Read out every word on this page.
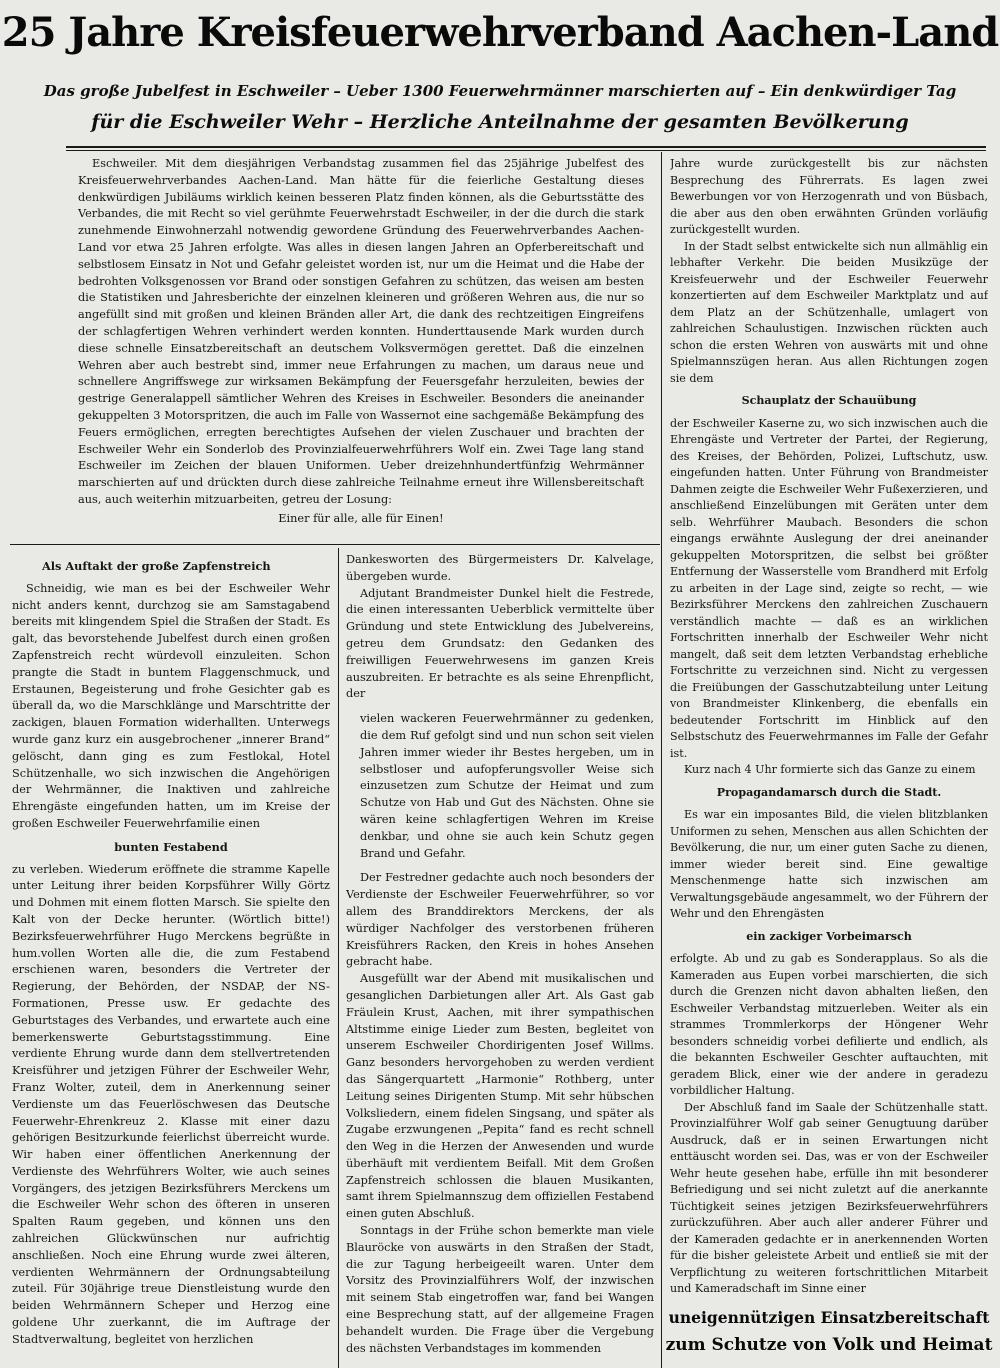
25 Jahre Kreisfeuerwehrverband Aachen-Land
Das große Jubelfest in Eschweiler – Ueber 1300 Feuerwehrmänner marschierten auf – Ein denkwürdiger Tag
für die Eschweiler Wehr – Herzliche Anteilnahme der gesamten Bevölkerung

Eschweiler. Mit dem diesjährigen Verbandstag zusammen fiel das 25jährige Jubelfest des Kreisfeuerwehrverbandes Aachen-Land. Man hätte für die feierliche Gestaltung dieses denkwürdigen Jubiläums wirklich keinen besseren Platz finden können, als die Geburtsstätte des Verbandes, die mit Recht so viel gerühmte Feuerwehrstadt Eschweiler, in der die durch die stark zunehmende Einwohnerzahl notwendig gewordene Gründung des Feuerwehrverbandes Aachen-Land vor etwa 25 Jahren erfolgte. Was alles in diesen langen Jahren an Opferbereitschaft und selbstlosem Einsatz in Not und Gefahr geleistet worden ist, nur um die Heimat und die Habe der bedrohten Volksgenossen vor Brand oder sonstigen Gefahren zu schützen, das weisen am besten die Statistiken und Jahresberichte der einzelnen kleineren und größeren Wehren aus, die nur so angefüllt sind mit großen und kleinen Bränden aller Art, die dank des rechtzeitigen Eingreifens der schlagfertigen Wehren verhindert werden konnten. Hunderttausende Mark wurden durch diese schnelle Einsatzbereitschaft an deutschem Volksvermögen gerettet. Daß die einzelnen Wehren aber auch bestrebt sind, immer neue Erfahrungen zu machen, um daraus neue und schnellere Angriffswege zur wirksamen Bekämpfung der Feuersgefahr herzuleiten, bewies der gestrige Generalappell sämtlicher Wehren des Kreises in Eschweiler. Besonders die aneinander gekuppelten 3 Motorspritzen, die auch im Falle von Wassernot eine sachgemäße Bekämpfung des Feuers ermöglichen, erregten berechtigtes Aufsehen der vielen Zuschauer und brachten der Eschweiler Wehr ein Sonderlob des Provinzialfeuerwehrführers Wolf ein. Zwei Tage lang stand Eschweiler im Zeichen der blauen Uniformen. Ueber dreizehnhundertfünfzig Wehrmänner marschierten auf und drückten durch diese zahlreiche Teilnahme erneut ihre Willensbereitschaft aus, auch weiterhin mitzuarbeiten, getreu der Losung:

Einer für alle, alle für Einen!

Als Auftakt der große Zapfenstreich

Schneidig, wie man es bei der Eschweiler Wehr nicht anders kennt, durchzog sie am Samstagabend bereits mit klingendem Spiel die Straßen der Stadt. Es galt, das bevorstehende Jubelfest durch einen großen Zapfenstreich recht würdevoll einzuleiten. Schon prangte die Stadt in buntem Flaggenschmuck, und Erstaunen, Begeisterung und frohe Gesichter gab es überall da, wo die Marschklänge und Marschtritte der zackigen, blauen Formation widerhallten. Unterwegs wurde ganz kurz ein ausgebrochener „innerer Brand“ gelöscht, dann ging es zum Festlokal, Hotel Schützenhalle, wo sich inzwischen die Angehörigen der Wehrmänner, die Inaktiven und zahlreiche Ehrengäste eingefunden hatten, um im Kreise der großen Eschweiler Feuerwehrfamilie einen

bunten Festabend

zu verleben. Wiederum eröffnete die stramme Kapelle unter Leitung ihrer beiden Korpsführer Willy Görtz und Dohmen mit einem flotten Marsch. Sie spielte den Kalt von der Decke herunter. (Wörtlich bitte!) Bezirksfeuerwehrführer Hugo Merckens begrüßte in hum.vollen Worten alle die, die zum Festabend erschienen waren, besonders die Vertreter der Regierung, der Behörden, der NSDAP, der NS-Formationen, Presse usw. Er gedachte des Geburtstages des Verbandes, und erwartete auch eine bemerkenswerte Geburtstagsstimmung. Eine verdiente Ehrung wurde dann dem stellvertretenden Kreisführer und jetzigen Führer der Eschweiler Wehr, Franz Wolter, zuteil, dem in Anerkennung seiner Verdienste um das Feuerlöschwesen das Deutsche Feuerwehr-Ehrenkreuz 2. Klasse mit einer dazu gehörigen Besitzurkunde feierlichst überreicht wurde. Wir haben einer öffentlichen Anerkennung der Verdienste des Wehrführers Wolter, wie auch seines Vorgängers, des jetzigen Bezirksführers Merckens um die Eschweiler Wehr schon des öfteren in unseren Spalten Raum gegeben, und können uns den zahlreichen Glückwünschen nur aufrichtig anschließen. Noch eine Ehrung wurde zwei älteren, verdienten Wehrmännern der Ordnungsabteilung zuteil. Für 30jährige treue Dienstleistung wurde den beiden Wehrmännern Scheper und Herzog eine goldene Uhr zuerkannt, die im Auftrage der Stadtverwaltung, begleitet von herzlichen

Dankesworten des Bürgermeisters Dr. Kalvelage, übergeben wurde.

Adjutant Brandmeister Dunkel hielt die Festrede, die einen interessanten Ueberblick vermittelte über Gründung und stete Entwicklung des Jubelvereins, getreu dem Grundsatz: den Gedanken des freiwilligen Feuerwehrwesens im ganzen Kreis auszubreiten. Er betrachte es als seine Ehrenpflicht, der

vielen wackeren Feuerwehrmänner zu gedenken, die dem Ruf gefolgt sind und nun schon seit vielen Jahren immer wieder ihr Bestes hergeben, um in selbstloser und aufopferungsvoller Weise sich einzusetzen zum Schutze der Heimat und zum Schutze von Hab und Gut des Nächsten. Ohne sie wären keine schlagfertigen Wehren im Kreise denkbar, und ohne sie auch kein Schutz gegen Brand und Gefahr.

Der Festredner gedachte auch noch besonders der Verdienste der Eschweiler Feuerwehrführer, so vor allem des Branddirektors Merckens, der als würdiger Nachfolger des verstorbenen früheren Kreisführers Racken, den Kreis in hohes Ansehen gebracht habe.

Ausgefüllt war der Abend mit musikalischen und gesanglichen Darbietungen aller Art. Als Gast gab Fräulein Krust, Aachen, mit ihrer sympathischen Altstimme einige Lieder zum Besten, begleitet von unserem Eschweiler Chordirigenten Josef Willms. Ganz besonders hervorgehoben zu werden verdient das Sängerquartett „Harmonie“ Rothberg, unter Leitung seines Dirigenten Stump. Mit sehr hübschen Volksliedern, einem fidelen Singsang, und später als Zugabe erzwungenen „Pepita“ fand es recht schnell den Weg in die Herzen der Anwesenden und wurde überhäuft mit verdientem Beifall. Mit dem Großen Zapfenstreich schlossen die blauen Musikanten, samt ihrem Spielmannszug dem offiziellen Festabend einen guten Abschluß.

Sonntags in der Frühe schon bemerkte man viele Blauröcke von auswärts in den Straßen der Stadt, die zur Tagung herbeigeeilt waren. Unter dem Vorsitz des Provinzialführers Wolf, der inzwischen mit seinem Stab eingetroffen war, fand bei Wangen eine Besprechung statt, auf der allgemeine Fragen behandelt wurden. Die Frage über die Vergebung des nächsten Verbandstages im kommenden

Jahre wurde zurückgestellt bis zur nächsten Besprechung des Führerrats. Es lagen zwei Bewerbungen vor von Herzogenrath und von Büsbach, die aber aus den oben erwähnten Gründen vorläufig zurückgestellt wurden.

In der Stadt selbst entwickelte sich nun allmählig ein lebhafter Verkehr. Die beiden Musikzüge der Kreisfeuerwehr und der Eschweiler Feuerwehr konzertierten auf dem Eschweiler Marktplatz und auf dem Platz an der Schützenhalle, umlagert von zahlreichen Schaulustigen. Inzwischen rückten auch schon die ersten Wehren von auswärts mit und ohne Spielmannszügen heran. Aus allen Richtungen zogen sie dem

Schauplatz der Schauübung

der Eschweiler Kaserne zu, wo sich inzwischen auch die Ehrengäste und Vertreter der Partei, der Regierung, des Kreises, der Behörden, Polizei, Luftschutz, usw. eingefunden hatten. Unter Führung von Brandmeister Dahmen zeigte die Eschweiler Wehr Fußexerzieren, und anschließend Einzelübungen mit Geräten unter dem selb. Wehrführer Maubach. Besonders die schon eingangs erwähnte Auslegung der drei aneinander gekuppelten Motorspritzen, die selbst bei größter Entfernung der Wasserstelle vom Brandherd mit Erfolg zu arbeiten in der Lage sind, zeigte so recht, — wie Bezirksführer Merckens den zahlreichen Zuschauern verständlich machte — daß es an wirklichen Fortschritten innerhalb der Eschweiler Wehr nicht mangelt, daß seit dem letzten Verbandstag erhebliche Fortschritte zu verzeichnen sind. Nicht zu vergessen die Freiübungen der Gasschutzabteilung unter Leitung von Brandmeister Klinkenberg, die ebenfalls ein bedeutender Fortschritt im Hinblick auf den Selbstschutz des Feuerwehrmannes im Falle der Gefahr ist.

Kurz nach 4 Uhr formierte sich das Ganze zu einem

Propagandamarsch durch die Stadt.

Es war ein imposantes Bild, die vielen blitzblanken Uniformen zu sehen, Menschen aus allen Schichten der Bevölkerung, die nur, um einer guten Sache zu dienen, immer wieder bereit sind. Eine gewaltige Menschenmenge hatte sich inzwischen am Verwaltungsgebäude angesammelt, wo der Führern der Wehr und den Ehrengästen

ein zackiger Vorbeimarsch

erfolgte. Ab und zu gab es Sonderapplaus. So als die Kameraden aus Eupen vorbei marschierten, die sich durch die Grenzen nicht davon abhalten ließen, den Eschweiler Verbandstag mitzuerleben. Weiter als ein strammes Trommlerkorps der Höngener Wehr besonders schneidig vorbei defilierte und endlich, als die bekannten Eschweiler Geschter auftauchten, mit geradem Blick, einer wie der andere in geradezu vorbildlicher Haltung.

Der Abschluß fand im Saale der Schützenhalle statt. Provinzialführer Wolf gab seiner Genugtuung darüber Ausdruck, daß er in seinen Erwartungen nicht enttäuscht worden sei. Das, was er von der Eschweiler Wehr heute gesehen habe, erfülle ihn mit besonderer Befriedigung und sei nicht zuletzt auf die anerkannte Tüchtigkeit seines jetzigen Bezirksfeuerwehrführers zurückzuführen. Aber auch aller anderer Führer und der Kameraden gedachte er in anerkennenden Worten für die bisher geleistete Arbeit und entließ sie mit der Verpflichtung zu weiteren fortschrittlichen Mitarbeit und Kameradschaft im Sinne einer

uneigennützigen Einsatzbereitschaft
zum Schutze von Volk und Heimat
